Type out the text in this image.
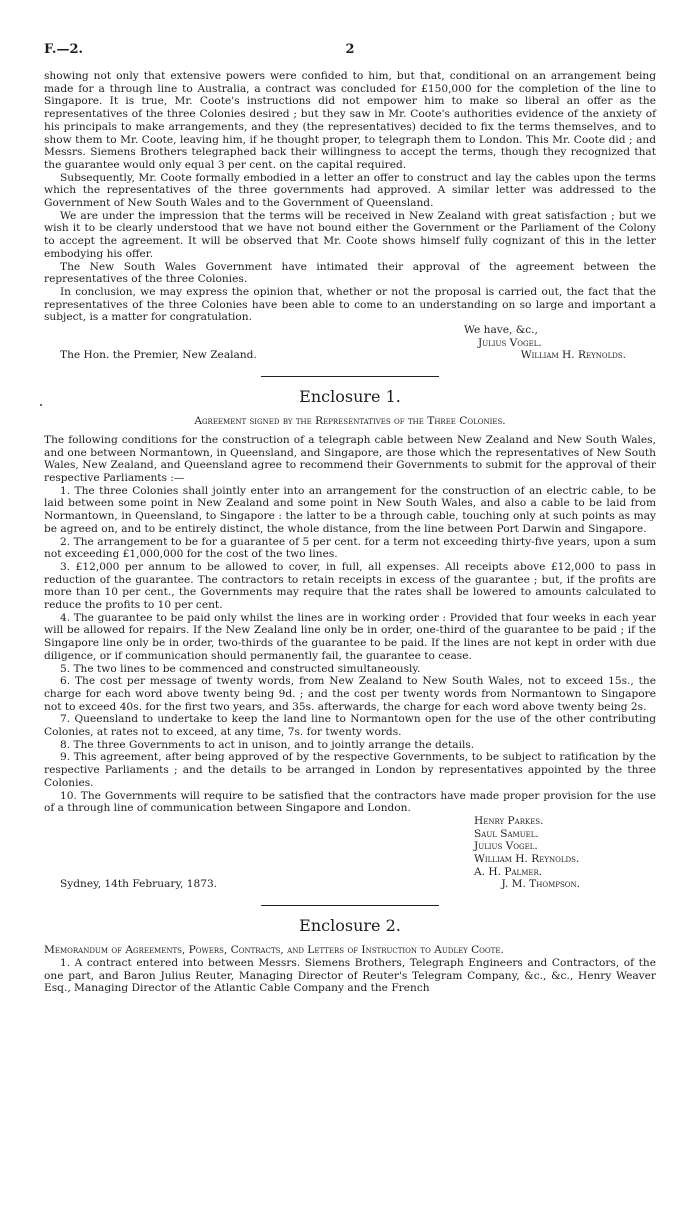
F.—2.	2

showing not only that extensive powers were confided to him, but that, conditional on an arrangement being made for a through line to Australia, a contract was concluded for £150,000 for the completion of the line to Singapore. It is true, Mr. Coote's instructions did not empower him to make so liberal an offer as the representatives of the three Colonies desired ; but they saw in Mr. Coote's authorities evidence of the anxiety of his principals to make arrangements, and they (the representatives) decided to fix the terms themselves, and to show them to Mr. Coote, leaving him, if he thought proper, to telegraph them to London. This Mr. Coote did ; and Messrs. Siemens Brothers telegraphed back their willingness to accept the terms, though they recognized that the guarantee would only equal 3 per cent. on the capital required.

Subsequently, Mr. Coote formally embodied in a letter an offer to construct and lay the cables upon the terms which the representatives of the three governments had approved. A similar letter was addressed to the Government of New South Wales and to the Government of Queensland.

We are under the impression that the terms will be received in New Zealand with great satisfaction ; but we wish it to be clearly understood that we have not bound either the Government or the Parliament of the Colony to accept the agreement. It will be observed that Mr. Coote shows himself fully cognizant of this in the letter embodying his offer.

The New South Wales Government have intimated their approval of the agreement between the representatives of the three Colonies.

In conclusion, we may express the opinion that, whether or not the proposal is carried out, the fact that the representatives of the three Colonies have been able to come to an understanding on so large and important a subject, is a matter for congratulation.

We have, &c.,
Julius Vogel.
The Hon. the Premier, New Zealand.	William H. Reynolds.
Enclosure 1.
Agreement signed by the Representatives of the Three Colonies.

The following conditions for the construction of a telegraph cable between New Zealand and New South Wales, and one between Normantown, in Queensland, and Singapore, are those which the representatives of New South Wales, New Zealand, and Queensland agree to recommend their Governments to submit for the approval of their respective Parliaments :—

1. The three Colonies shall jointly enter into an arrangement for the construction of an electric cable, to be laid between some point in New Zealand and some point in New South Wales, and also a cable to be laid from Normantown, in Queensland, to Singapore : the latter to be a through cable, touching only at such points as may be agreed on, and to be entirely distinct, the whole distance, from the line between Port Darwin and Singapore.

2. The arrangement to be for a guarantee of 5 per cent. for a term not exceeding thirty-five years, upon a sum not exceeding £1,000,000 for the cost of the two lines.

3. £12,000 per annum to be allowed to cover, in full, all expenses. All receipts above £12,000 to pass in reduction of the guarantee. The contractors to retain receipts in excess of the guarantee ; but, if the profits are more than 10 per cent., the Governments may require that the rates shall be lowered to amounts calculated to reduce the profits to 10 per cent.

4. The guarantee to be paid only whilst the lines are in working order : Provided that four weeks in each year will be allowed for repairs. If the New Zealand line only be in order, one-third of the guarantee to be paid ; if the Singapore line only be in order, two-thirds of the guarantee to be paid. If the lines are not kept in order with due diligence, or if communication should permanently fail, the guarantee to cease.

5. The two lines to be commenced and constructed simultaneously.

6. The cost per message of twenty words, from New Zealand to New South Wales, not to exceed 15s., the charge for each word above twenty being 9d. ; and the cost per twenty words from Normantown to Singapore not to exceed 40s. for the first two years, and 35s. afterwards, the charge for each word above twenty being 2s.

7. Queensland to undertake to keep the land line to Normantown open for the use of the other contributing Colonies, at rates not to exceed, at any time, 7s. for twenty words.

8. The three Governments to act in unison, and to jointly arrange the details.

9. This agreement, after being approved of by the respective Governments, to be subject to ratification by the respective Parliaments ; and the details to be arranged in London by representatives appointed by the three Colonies.

10. The Governments will require to be satisfied that the contractors have made proper provision for the use of a through line of communication between Singapore and London.

Henry Parkes.
Saul Samuel.
Julius Vogel.
William H. Reynolds.
A. H. Palmer.
Sydney, 14th February, 1873.	J. M. Thompson.
Enclosure 2.

Memorandum of Agreements, Powers, Contracts, and Letters of Instruction to Audley Coote.

1. A contract entered into between Messrs. Siemens Brothers, Telegraph Engineers and Contractors, of the one part, and Baron Julius Reuter, Managing Director of Reuter's Telegram Company, &c., &c., Henry Weaver Esq., Managing Director of the Atlantic Cable Company and the French
